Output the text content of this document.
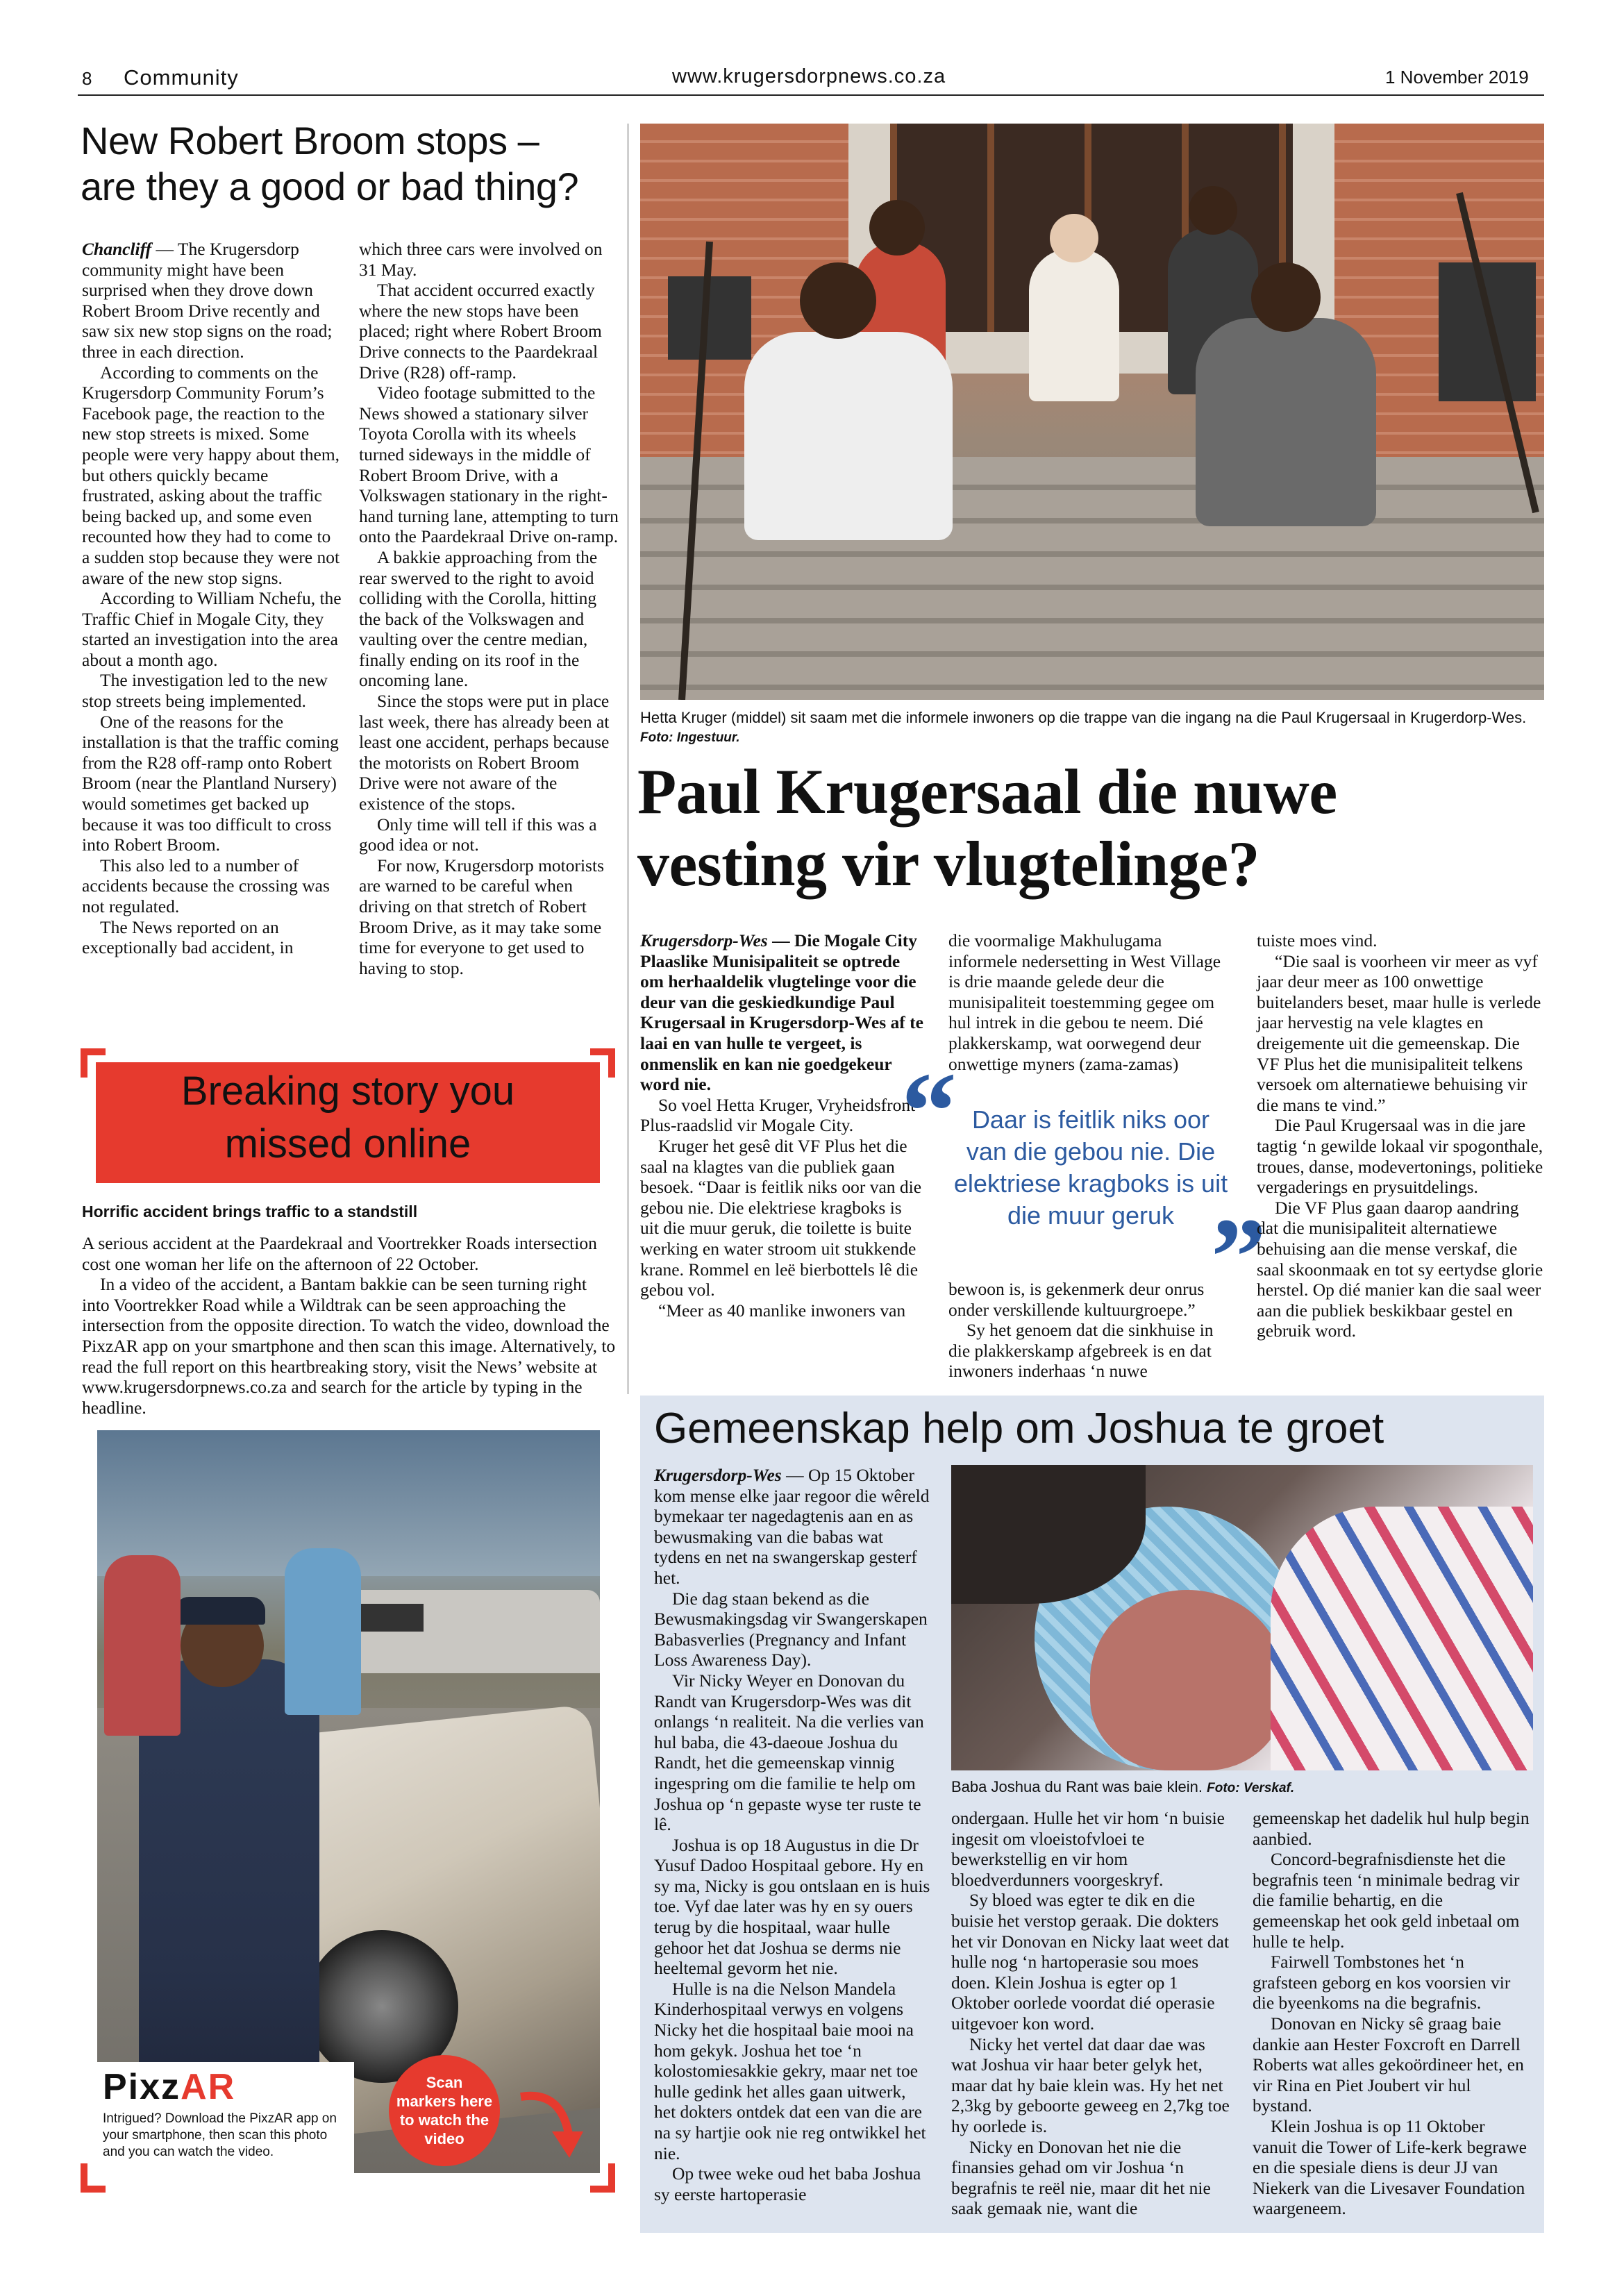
8 Community	www.krugersdorpnews.co.za	1 November 2019
New Robert Broom stops –
are they a good or bad thing?

Chancliff — The Krugersdorp community might have been surprised when they drove down Robert Broom Drive recently and saw six new stop signs on the road; three in each direction.

According to comments on the Krugersdorp Community Forum’s Facebook page, the reaction to the new stop streets is mixed. Some people were very happy about them, but others quickly became frustrated, asking about the traffic being backed up, and some even recounted how they had to come to a sudden stop because they were not aware of the new stop signs.

According to William Nchefu, the Traffic Chief in Mogale City, they started an investigation into the area about a month ago.

The investigation led to the new stop streets being implemented.

One of the reasons for the installation is that the traffic coming from the R28 off-ramp onto Robert Broom (near the Plantland Nursery) would sometimes get backed up because it was too difficult to cross into Robert Broom.

This also led to a number of accidents because the crossing was not regulated.

The News reported on an exceptionally bad accident, in

which three cars were involved on 31 May.

That accident occurred exactly where the new stops have been placed; right where Robert Broom Drive connects to the Paardekraal Drive (R28) off-ramp.

Video footage submitted to the News showed a stationary silver Toyota Corolla with its wheels turned sideways in the middle of Robert Broom Drive, with a Volkswagen stationary in the right-hand turning lane, attempting to turn onto the Paardekraal Drive on-ramp.

A bakkie approaching from the rear swerved to the right to avoid colliding with the Corolla, hitting the back of the Volkswagen and vaulting over the centre median, finally ending on its roof in the oncoming lane.

Since the stops were put in place last week, there has already been at least one accident, perhaps because the motorists on Robert Broom Drive were not aware of the existence of the stops.

Only time will tell if this was a good idea or not.

For now, Krugersdorp motorists are warned to be careful when driving on that stretch of Robert Broom Drive, as it may take some time for everyone to get used to having to stop.

Breaking story you
missed online
Horrific accident brings traffic to a standstill

A serious accident at the Paardekraal and Voortrekker Roads intersection cost one woman her life on the afternoon of 22 October.

In a video of the accident, a Bantam bakkie can be seen turning right into Voortrekker Road while a Wildtrak can be seen approaching the intersection from the opposite direction. To watch the video, download the PixzAR app on your smartphone and then scan this image. Alternatively, to read the full report on this heartbreaking story, visit the News’ website at www.krugersdorpnews.co.za and search for the article by typing in the headline.

PixzAR
Intrigued? Download the PixzAR app on your smartphone, then scan this photo and you can watch the video.
Scan markers here to watch the video
Hetta Kruger (middel) sit saam met die informele inwoners op die trappe van die ingang na die Paul Krugersaal in Krugerdorp-Wes. Foto: Ingestuur.
Paul Krugersaal die nuwe
vesting vir vlugtelinge?

Krugersdorp-Wes — Die Mogale City Plaaslike Munisipaliteit se optrede om herhaaldelik vlugtelinge voor die deur van die geskiedkundige Paul Krugersaal in Krugersdorp-Wes af te laai en van hulle te vergeet, is onmenslik en kan nie goedgekeur word nie.

So voel Hetta Kruger, Vryheidsfront Plus-raadslid vir Mogale City.

Kruger het gesê dit VF Plus het die saal na klagtes van die publiek gaan besoek. “Daar is feitlik niks oor van die gebou nie. Die elektriese kragboks is uit die muur geruk, die toilette is buite werking en water stroom uit stukkende krane. Rommel en leë bierbottels lê die gebou vol.

“Meer as 40 manlike inwoners van

die voormalige Makhulugama informele nedersetting in West Village is drie maande gelede deur die munisipaliteit toestemming gegee om hul intrek in die gebou te neem. Dié plakkerskamp, wat oorwegend deur onwettige myners (zama-zamas)

“ Daar is feitlik niks oor van die gebou nie. Die elektriese kragboks is uit die muur geruk ”

bewoon is, is gekenmerk deur onrus onder verskillende kultuurgroepe.”

Sy het genoem dat die sinkhuise in die plakkerskamp afgebreek is en dat inwoners inderhaas ‘n nuwe

tuiste moes vind.

“Die saal is voorheen vir meer as vyf jaar deur meer as 100 onwettige buitelanders beset, maar hulle is verlede jaar hervestig na vele klagtes en dreigemente uit die gemeenskap. Die VF Plus het die munisipaliteit telkens versoek om alternatiewe behuising vir die mans te vind.”

Die Paul Krugersaal was in die jare tagtig ‘n gewilde lokaal vir spogonthale, troues, danse, modevertonings, politieke vergaderings en prysuitdelings.

Die VF Plus gaan daarop aandring dat die munisipaliteit alternatiewe behuising aan die mense verskaf, die saal skoonmaak en tot sy eertydse glorie herstel. Op dié manier kan die saal weer aan die publiek beskikbaar gestel en gebruik word.

Gemeenskap help om Joshua te groet

Krugersdorp-Wes — Op 15 Oktober kom mense elke jaar regoor die wêreld bymekaar ter nagedagtenis aan en as bewusmaking van die babas wat tydens en net na swangerskap gesterf het.

Die dag staan bekend as die Bewusmakingsdag vir Swangerskapen Babasverlies (Pregnancy and Infant Loss Awareness Day).

Vir Nicky Weyer en Donovan du Randt van Krugersdorp-Wes was dit onlangs ‘n realiteit. Na die verlies van hul baba, die 43-daeoue Joshua du Randt, het die gemeenskap vinnig ingespring om die familie te help om Joshua op ‘n gepaste wyse ter ruste te lê.

Joshua is op 18 Augustus in die Dr Yusuf Dadoo Hospitaal gebore. Hy en sy ma, Nicky is gou ontslaan en is huis toe. Vyf dae later was hy en sy ouers terug by die hospitaal, waar hulle gehoor het dat Joshua se derms nie heeltemal gevorm het nie.

Hulle is na die Nelson Mandela Kinderhospitaal verwys en volgens Nicky het die hospitaal baie mooi na hom gekyk. Joshua het toe ‘n kolostomiesakkie gekry, maar net toe hulle gedink het alles gaan uitwerk, het dokters ontdek dat een van die are na sy hartjie ook nie reg ontwikkel het nie.

Op twee weke oud het baba Joshua sy eerste hartoperasie

Baba Joshua du Rant was baie klein. Foto: Verskaf.

ondergaan. Hulle het vir hom ‘n buisie ingesit om vloeistofvloei te bewerkstellig en vir hom bloedverdunners voorgeskryf.

Sy bloed was egter te dik en die buisie het verstop geraak. Die dokters het vir Donovan en Nicky laat weet dat hulle nog ‘n hartoperasie sou moes doen. Klein Joshua is egter op 1 Oktober oorlede voordat dié operasie uitgevoer kon word.

Nicky het vertel dat daar dae was wat Joshua vir haar beter gelyk het, maar dat hy baie klein was. Hy het net 2,3kg by geboorte geweeg en 2,7kg toe hy oorlede is.

Nicky en Donovan het nie die finansies gehad om vir Joshua ‘n begrafnis te reël nie, maar dit het nie saak gemaak nie, want die

gemeenskap het dadelik hul hulp begin aanbied.

Concord-begrafnisdienste het die begrafnis teen ‘n minimale bedrag vir die familie behartig, en die gemeenskap het ook geld inbetaal om hulle te help.

Fairwell Tombstones het ‘n grafsteen geborg en kos voorsien vir die byeenkoms na die begrafnis.

Donovan en Nicky sê graag baie dankie aan Hester Foxcroft en Darrell Roberts wat alles gekoördineer het, en vir Rina en Piet Joubert vir hul bystand.

Klein Joshua is op 11 Oktober vanuit die Tower of Life-kerk begrawe en die spesiale diens is deur JJ van Niekerk van die Livesaver Foundation waargeneem.
